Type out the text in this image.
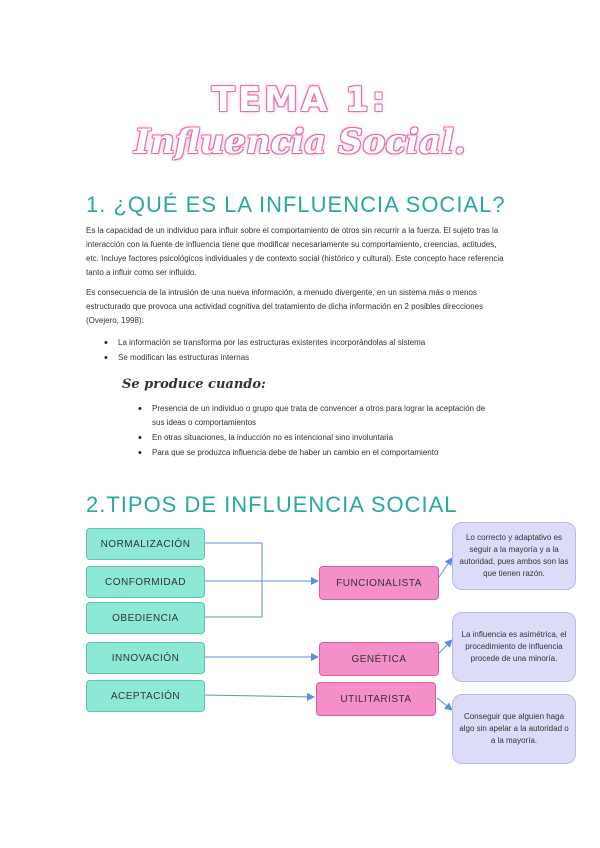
TEMA 1:
Influencia Social.
1. ¿QUÉ ES LA INFLUENCIA SOCIAL?
Es la capacidad de un individuo para influir sobre el comportamiento de otros sin recurrir a la fuerza. El sujeto tras la interacción con la fuente de influencia tiene que modificar necesariamente su comportamiento, creencias, actitudes, etc. Incluye factores psicológicos individuales y de contexto social (histórico y cultural). Este concepto hace referencia tanto a influir como ser influido.
Es consecuencia de la intrusión de una nueva información, a menudo divergente, en un sistema más o menos estructurado que provoca una actividad cognitiva del tratamiento de dicha información en 2 posibles direcciones (Ovejero, 1998):
• La información se transforma por las estructuras existentes incorporándolas al sistema
• Se modifican las estructuras internas
Se produce cuando:
• Presencia de un individuo o grupo que trata de convencer a otros para lograr la aceptación de sus ideas o comportamientos
• En otras situaciones, la inducción no es intencional sino involuntaria
• Para que se produzca influencia debe de haber un cambio en el comportamiento
2.TIPOS DE INFLUENCIA SOCIAL
NORMALIZACIÓN
CONFORMIDAD
OBEDIENCIA
INNOVACIÓN
ACEPTACIÓN
FUNCIONALISTA
GENÉTICA
UTILITARISTA
Lo correcto y adaptativo es seguir a la mayoría y a la autoridad, pues ambos son las que tienen razón.
La influencia es asimétrica, el procedimiento de influencia procede de una minoría.
Conseguir que alguien haga algo sin apelar a la autoridad o a la mayoría.
